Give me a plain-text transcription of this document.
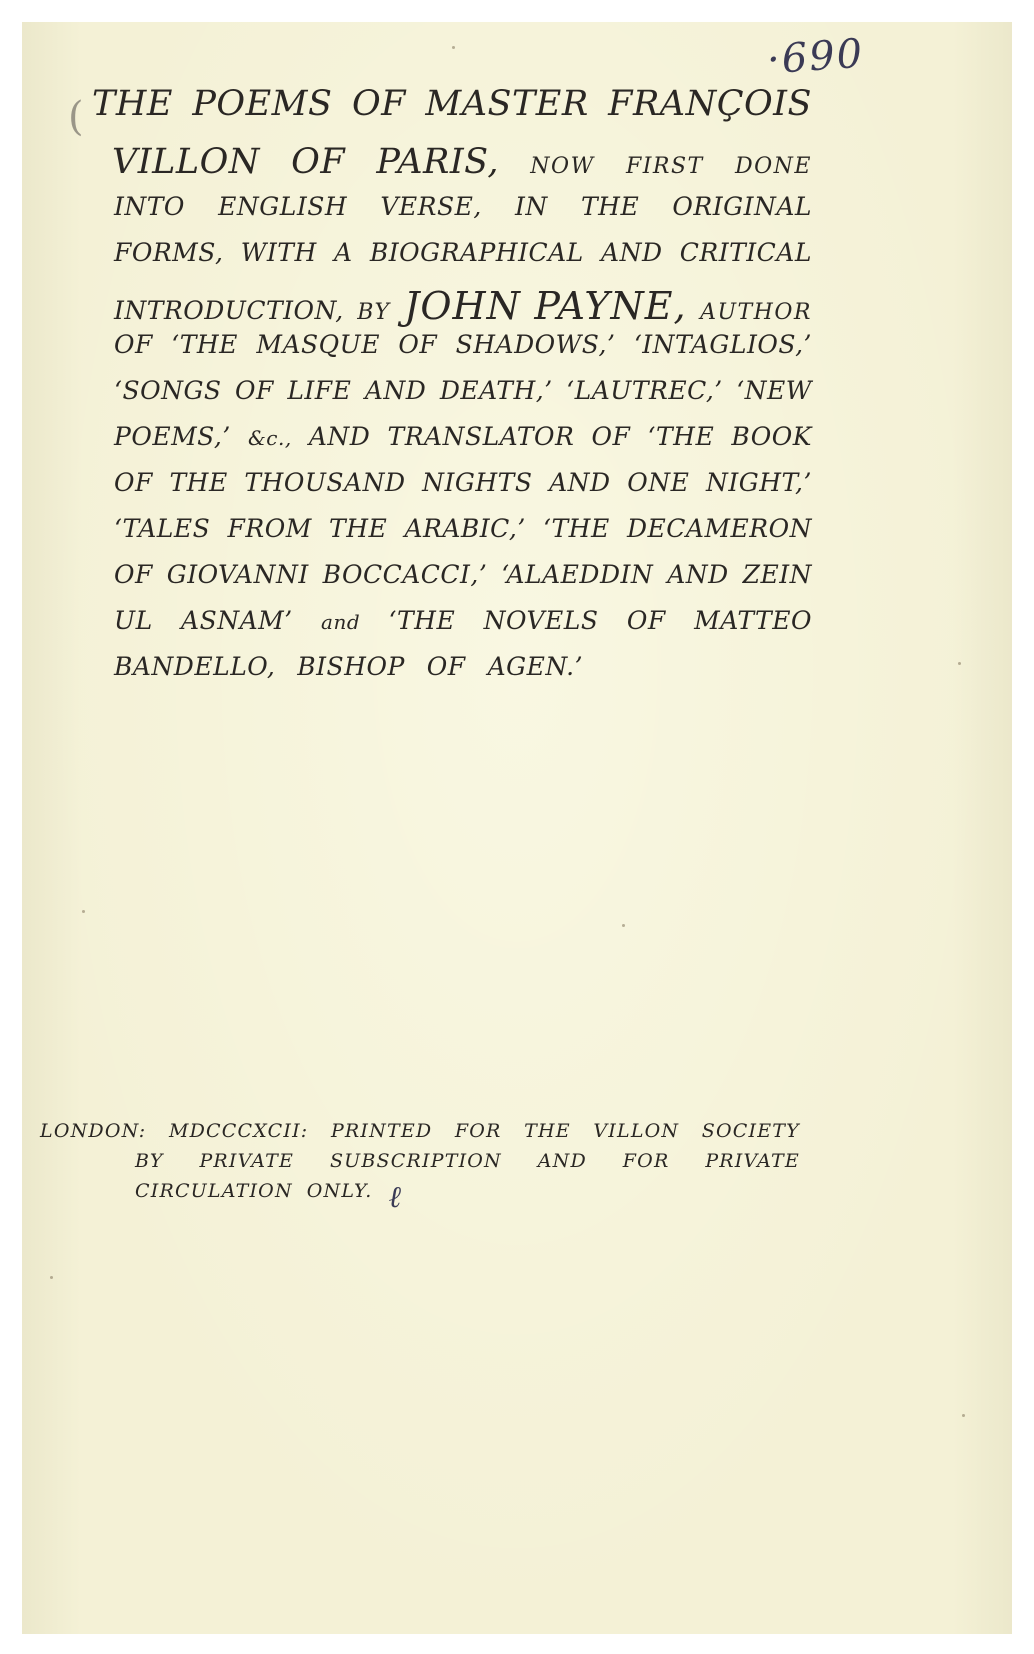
·690
( THE POEMS OF MASTER FRANÇOIS
VILLON OF PARIS, NOW FIRST DONE
INTO ENGLISH VERSE, IN THE ORIGINAL
FORMS, WITH A BIOGRAPHICAL AND CRITICAL
INTRODUCTION, BY JOHN PAYNE, AUTHOR
OF ‘THE MASQUE OF SHADOWS,’ ‘INTAGLIOS,’
‘SONGS OF LIFE AND DEATH,’ ‘LAUTREC,’ ‘NEW
POEMS,’ &c., AND TRANSLATOR OF ‘THE BOOK
OF THE THOUSAND NIGHTS AND ONE NIGHT,’
‘TALES FROM THE ARABIC,’ ‘THE DECAMERON
OF GIOVANNI BOCCACCI,’ ‘ALAEDDIN AND ZEIN
UL ASNAM’ and ‘THE NOVELS OF MATTEO
BANDELLO, BISHOP OF AGEN.’
LONDON: MDCCCXCII: PRINTED FOR THE VILLON SOCIETY
BY PRIVATE SUBSCRIPTION AND FOR PRIVATE
CIRCULATION ONLY. ℓ
